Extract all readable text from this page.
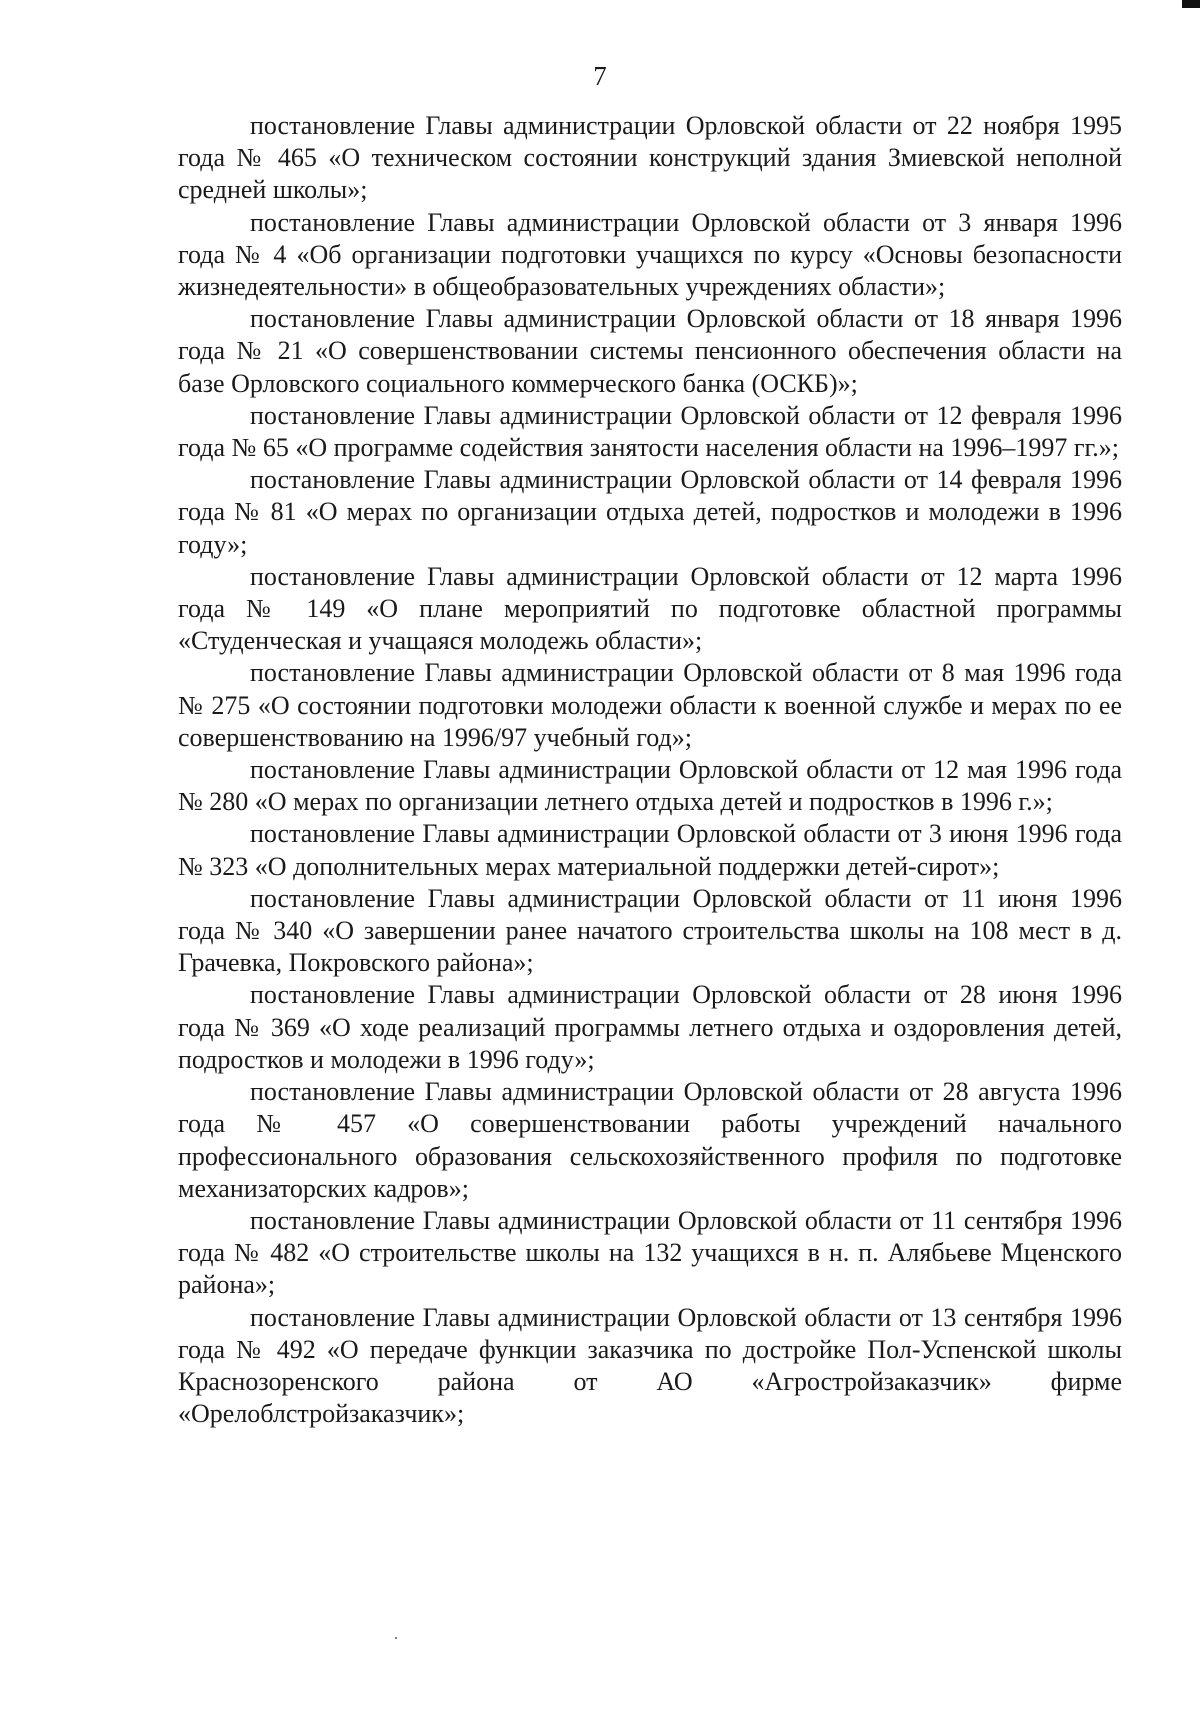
7

постановление Главы администрации Орловской области от 22 ноября 1995 года № 465 «О техническом состоянии конструкций здания Змиевской неполной средней школы»;

постановление Главы администрации Орловской области от 3 января 1996 года № 4 «Об организации подготовки учащихся по курсу «Основы безопасности жизнедеятельности» в общеобразовательных учреждениях области»;

постановление Главы администрации Орловской области от 18 января 1996 года № 21 «О совершенствовании системы пенсионного обеспечения области на базе Орловского социального коммерческого банка (ОСКБ)»;

постановление Главы администрации Орловской области от 12 февраля 1996 года № 65 «О программе содействия занятости населения области на 1996–1997 гг.»;

постановление Главы администрации Орловской области от 14 февраля 1996 года № 81 «О мерах по организации отдыха детей, подростков и молодежи в 1996 году»;

постановление Главы администрации Орловской области от 12 марта 1996 года № 149 «О плане мероприятий по подготовке областной программы «Студенческая и учащаяся молодежь области»;

постановление Главы администрации Орловской области от 8 мая 1996 года № 275 «О состоянии подготовки молодежи области к военной службе и мерах по ее совершенствованию на 1996/97 учебный год»;

постановление Главы администрации Орловской области от 12 мая 1996 года № 280 «О мерах по организации летнего отдыха детей и подростков в 1996 г.»;

постановление Главы администрации Орловской области от 3 июня 1996 года № 323 «О дополнительных мерах материальной поддержки детей-сирот»;

постановление Главы администрации Орловской области от 11 июня 1996 года № 340 «О завершении ранее начатого строительства школы на 108 мест в д. Грачевка, Покровского района»;

постановление Главы администрации Орловской области от 28 июня 1996 года № 369 «О ходе реализаций программы летнего отдыха и оздоровления детей, подростков и молодежи в 1996 году»;

постановление Главы администрации Орловской области от 28 августа 1996 года № 457 «О совершенствовании работы учреждений начального профессионального образования сельскохозяйственного профиля по подготовке механизаторских кадров»;

постановление Главы администрации Орловской области от 11 сентября 1996 года № 482 «О строительстве школы на 132 учащихся в н. п. Алябьеве Мценского района»;

постановление Главы администрации Орловской области от 13 сентября 1996 года № 492 «О передаче функции заказчика по достройке Пол-Успенской школы Краснозоренского района от АО «Агростройзаказчик» фирме «Орелоблстройзаказчик»;
